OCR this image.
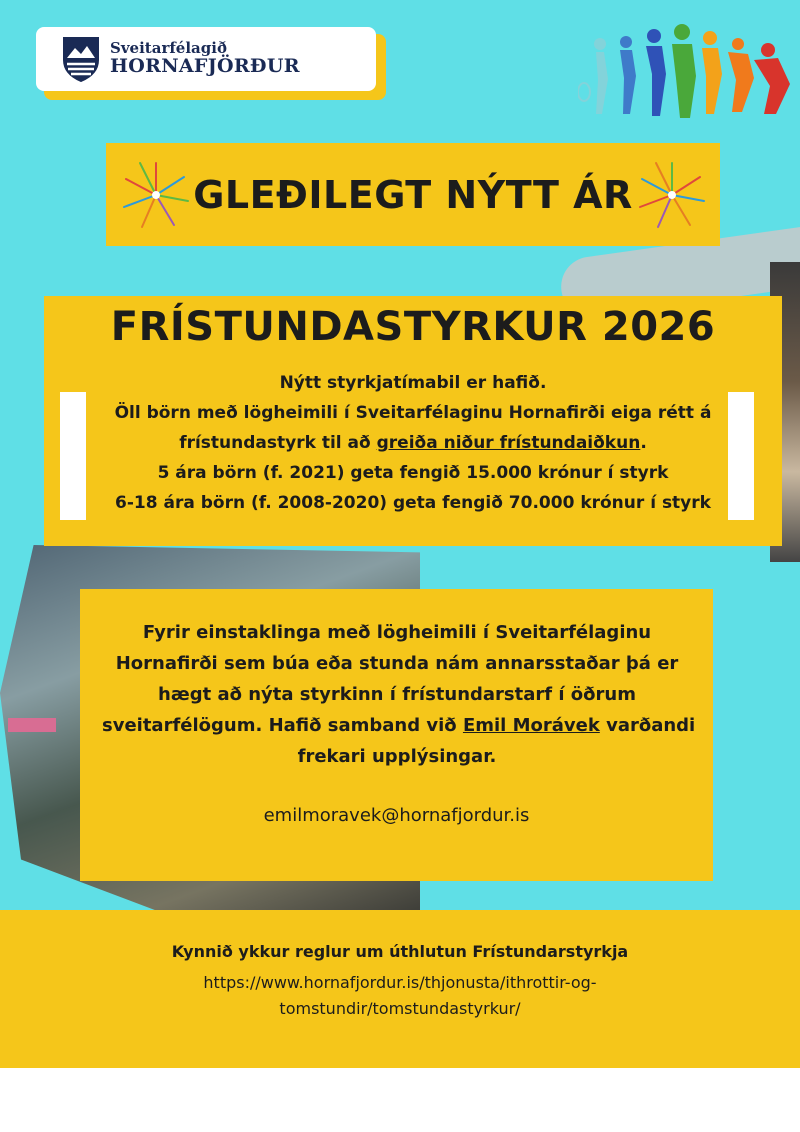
Sveitarfélagið
HORNAFJÖRÐUR
GLEÐILEGT NÝTT ÁR
FRÍSTUNDASTYRKUR 2026
Nýtt styrkjatímabil er hafið.
Öll börn með lögheimili í Sveitarfélaginu Hornafirði eiga rétt á
frístundastyrk til að greiða niður frístundaiðkun.
5 ára börn (f. 2021) geta fengið 15.000 krónur í styrk
6-18 ára börn (f. 2008-2020) geta fengið 70.000 krónur í styrk
Fyrir einstaklinga með lögheimili í Sveitarfélaginu
Hornafirði sem búa eða stunda nám annarsstaðar þá er
hægt að nýta styrkinn í frístundarstarf í öðrum
sveitarfélögum. Hafið samband við Emil Morávek varðandi
frekari upplýsingar.
emilmoravek@hornafjordur.is
Kynnið ykkur reglur um úthlutun Frístundarstyrkja
https://www.hornafjordur.is/thjonusta/ithrottir-og-
tomstundir/tomstundastyrkur/
